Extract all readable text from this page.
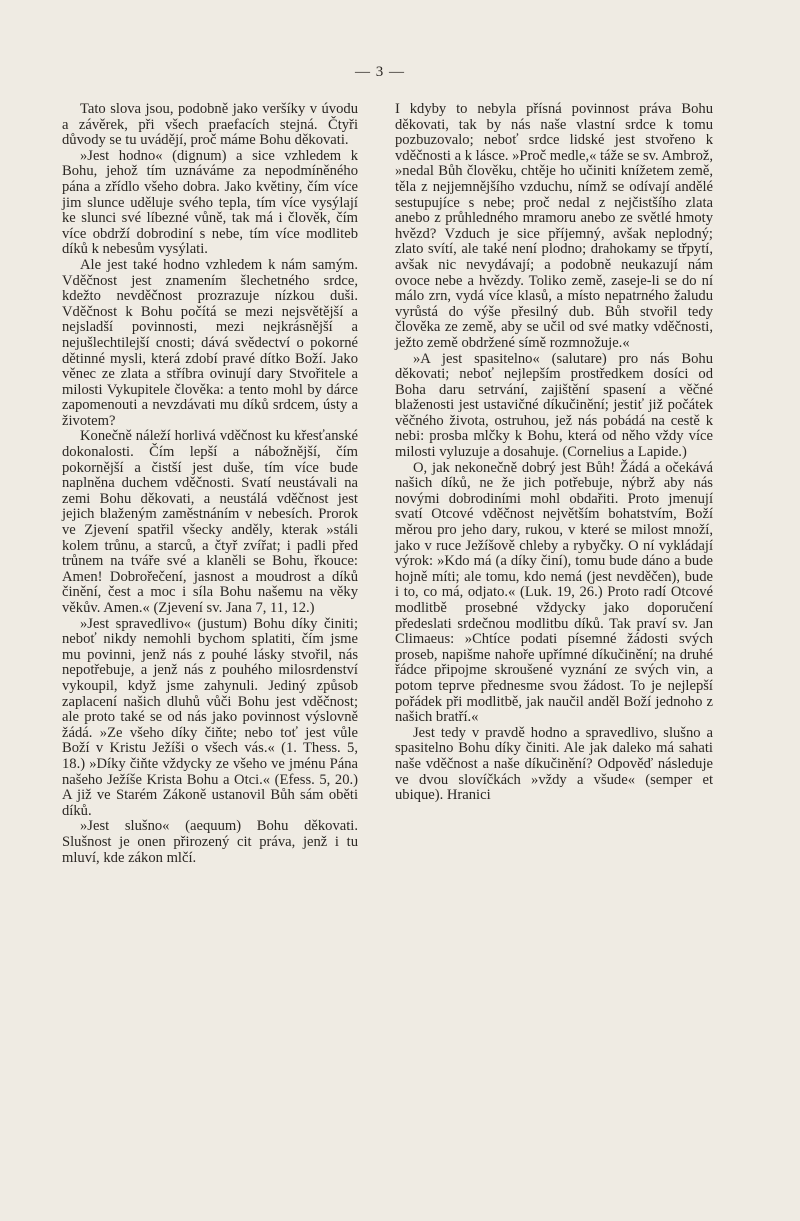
— 3 —

Tato slova jsou, podobně jako veršíky v úvodu a závěrek, při všech praefacích stejná. Čtyři důvody se tu uvádějí, proč máme Bohu děkovati.

»Jest hodno« (dignum) a sice vzhledem k Bohu, jehož tím uznáváme za nepodmíněného pána a zřídlo všeho dobra. Jako květiny, čím více jim slunce uděluje svého tepla, tím více vysýlají ke slunci své líbezné vůně, tak má i člověk, čím více obdrží dobrodiní s nebe, tím více modliteb díků k nebesům vysýlati.

Ale jest také hodno vzhledem k nám samým. Vděčnost jest znamením šlechetného srdce, kdežto nevděčnost prozrazuje nízkou duši. Vděčnost k Bohu počítá se mezi nejsvětější a nejsladší povinnosti, mezi nejkrásnější a nejušlechtilejší cnosti; dává svědectví o pokorné dětinné mysli, která zdobí pravé dítko Boží. Jako věnec ze zlata a stříbra ovinují dary Stvořitele a milosti Vykupitele člověka: a tento mohl by dárce zapomenouti a nevzdávati mu díků srdcem, ústy a životem?

Konečně náleží horlivá vděčnost ku křesťanské dokonalosti. Čím lepší a nábožnější, čím pokornější a čistší jest duše, tím více bude naplněna duchem vděčnosti. Svatí neustávali na zemi Bohu děkovati, a neustálá vděčnost jest jejich blaženým zaměstnáním v nebesích. Prorok ve Zjevení spatřil všecky anděly, kterak »stáli kolem trůnu, a starců, a čtyř zvířat; i padli před trůnem na tváře své a klaněli se Bohu, řkouce: Amen! Dobrořečení, jasnost a moudrost a díků činění, čest a moc i síla Bohu našemu na věky věkův. Amen.« (Zjevení sv. Jana 7, 11, 12.)

»Jest spravedlivo« (justum) Bohu díky činiti; neboť nikdy nemohli bychom splatiti, čím jsme mu povinni, jenž nás z pouhé lásky stvořil, nás nepotřebuje, a jenž nás z pouhého milosrdenství vykoupil, když jsme zahynuli. Jediný způsob zaplacení našich dluhů vůči Bohu jest vděčnost; ale proto také se od nás jako povinnost výslovně žádá. »Ze všeho díky čiňte; nebo toť jest vůle Boží v Kristu Ježíši o všech vás.« (1. Thess. 5, 18.) »Díky čiňte vždycky ze všeho ve jménu Pána našeho Ježíše Krista Bohu a Otci.« (Efess. 5, 20.) A již ve Starém Zákoně ustanovil Bůh sám oběti díků.

»Jest slušno« (aequum) Bohu děkovati. Slušnost je onen přirozený cit práva, jenž i tu mluví, kde zákon mlčí.

I kdyby to nebyla přísná povinnost práva Bohu děkovati, tak by nás naše vlastní srdce k tomu pozbuzovalo; neboť srdce lidské jest stvořeno k vděčnosti a k lásce. »Proč medle,« táže se sv. Ambrož, »nedal Bůh člověku, chtěje ho učiniti knížetem země, těla z nejjemnějšího vzduchu, nímž se odívají andělé sestupujíce s nebe; proč nedal z nejčistšího zlata anebo z průhledného mramoru anebo ze světlé hmoty hvězd? Vzduch je sice příjemný, avšak neplodný; zlato svítí, ale také není plodno; drahokamy se třpytí, avšak nic nevydávají; a podobně neukazují nám ovoce nebe a hvězdy. Toliko země, zaseje-li se do ní málo zrn, vydá více klasů, a místo nepatrného žaludu vyrůstá do výše přesilný dub. Bůh stvořil tedy člověka ze země, aby se učil od své matky vděčnosti, ježto země obdržené símě rozmnožuje.«

»A jest spasitelno« (salutare) pro nás Bohu děkovati; neboť nejlepším prostředkem dosíci od Boha daru setrvání, zajištění spasení a věčné blaženosti jest ustavičné díkučinění; jestiť již počátek věčného života, ostruhou, jež nás pobádá na cestě k nebi: prosba mlčky k Bohu, která od něho vždy více milosti vyluzuje a dosahuje. (Cornelius a Lapide.)

O, jak nekonečně dobrý jest Bůh! Žádá a očekává našich díků, ne že jich potřebuje, nýbrž aby nás novými dobrodiními mohl obdařiti. Proto jmenují svatí Otcové vděčnost největším bohatstvím, Boží měrou pro jeho dary, rukou, v které se milost množí, jako v ruce Ježíšově chleby a rybyčky. O ní vykládají výrok: »Kdo má (a díky činí), tomu bude dáno a bude hojně míti; ale tomu, kdo nemá (jest nevděčen), bude i to, co má, odjato.« (Luk. 19, 26.) Proto radí Otcové modlitbě prosebné vždycky jako doporučení předeslati srdečnou modlitbu díků. Tak praví sv. Jan Climaeus: »Chtíce podati písemné žádosti svých proseb, napišme nahoře upřímné díkučinění; na druhé řádce připojme skroušené vyznání ze svých vin, a potom teprve přednesme svou žádost. To je nejlepší pořádek při modlitbě, jak naučil anděl Boží jednoho z našich bratří.«

Jest tedy v pravdě hodno a spravedlivo, slušno a spasitelno Bohu díky činiti. Ale jak daleko má sahati naše vděčnost a naše díkučinění? Odpověď následuje ve dvou slovíčkách »vždy a všude« (semper et ubique). Hranici
